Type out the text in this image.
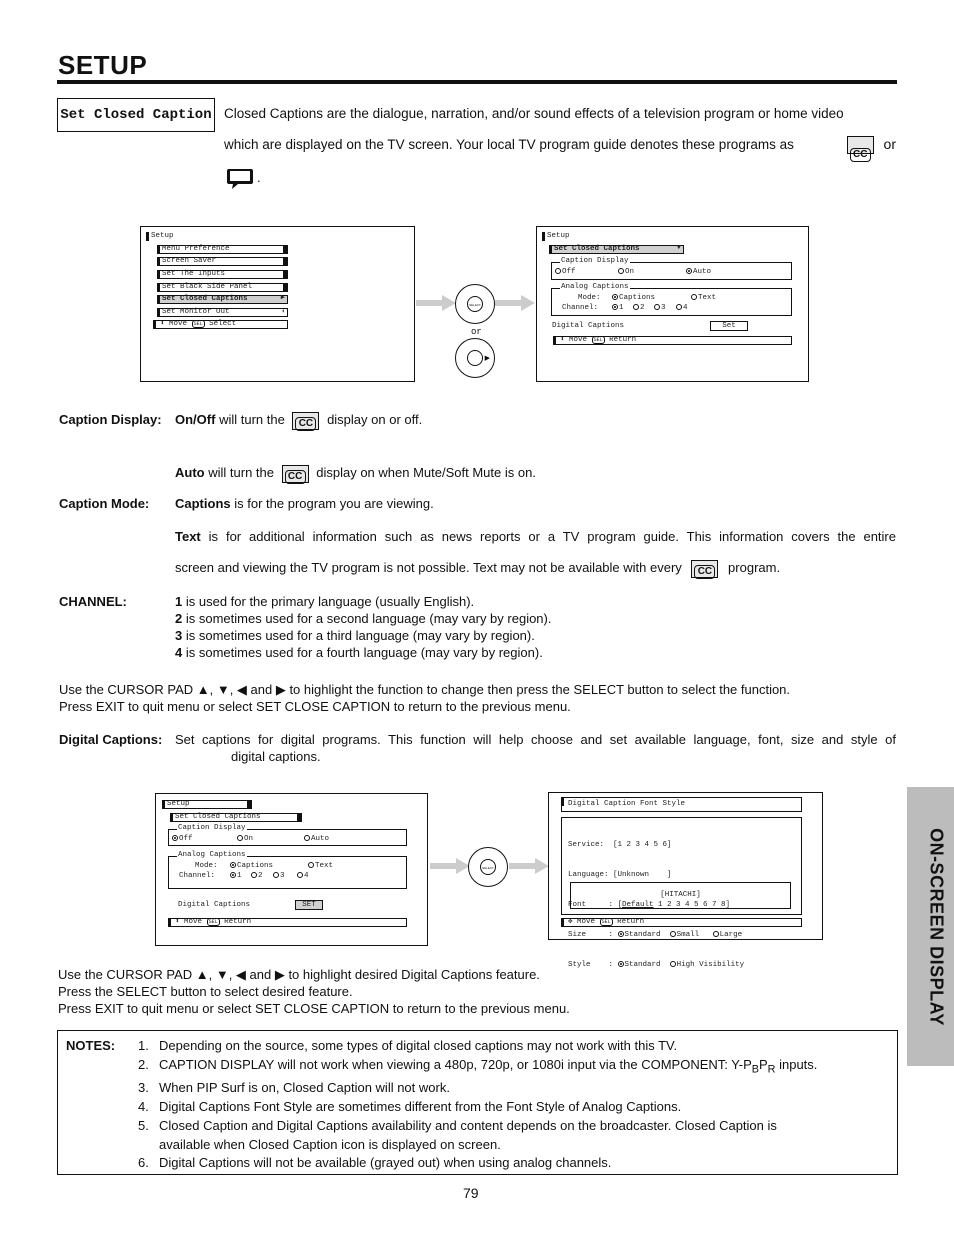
SETUP
Set Closed Caption Closed Captions are the dialogue, narration, and/or sound effects of a television program or home video
which are displayed on the TV screen. Your local TV program guide denotes these programs as
CC or
.
Setup
Menu Preference
Screen Saver
Set The Inputs
Set Black Side Panel
Set Closed Captions	▶
Set Monitor Out	⬍
⬍ Move SEL Select
SELECT
or
▶
Setup
Set Closed Captions	▼
Caption Display
Off	On	Auto
Analog Captions
Mode:	Captions	Text
Channel:	1	2	3	4
Digital Captions	Set
⬍ Move SEL Return
Caption Display: On/Off will turn the CC display on or off.
Auto will turn the CC display on when Mute/Soft Mute is on.
Caption Mode: Captions is for the program you are viewing.
Text is for additional information such as news reports or a TV program guide. This information covers the entire
screen and viewing the TV program is not possible. Text may not be available with every CC program.
CHANNEL:	1 is used for the primary language (usually English).
2 is sometimes used for a second language (may vary by region).
3 is sometimes used for a third language (may vary by region).
4 is sometimes used for a fourth language (may vary by region).
Use the CURSOR PAD ▲, ▼, ◀ and ▶ to highlight the function to change then press the SELECT button to select the function.
Press EXIT to quit menu or select SET CLOSE CAPTION to return to the previous menu.
Digital Captions: Set captions for digital programs. This function will help choose and set available language, font, size and style of
digital captions.
Setup
Set Closed Captions
Caption Display
Off	On	Auto
Analog Captions
Mode:	Captions	Text
Channel:	1	2	3	4
Digital Captions	SET
⬍ Move SEL Return
SELECT
Digital Caption Font Style

Service:  [1 2 3 4 5 6]

Language: [Unknown    ]

Font     : [Default 1 2 3 4 5 6 7 8]

Size     : Standard Small	Large

Style    : Standard High Visibility

[HITACHI]
✥ Move SEL Return
Use the CURSOR PAD ▲, ▼, ◀ and ▶ to highlight desired Digital Captions feature.
Press the SELECT button to select desired feature.
Press EXIT to quit menu or select SET CLOSE CAPTION to return to the previous menu.	ON-SCREEN DISPLAY
NOTES: 1. Depending on the source, some types of digital closed captions may not work with this TV.
2. CAPTION DISPLAY will not work when viewing a 480p, 720p, or 1080i input via the COMPONENT: $Y-P_BP_R$ inputs.
3. When PIP Surf is on, Closed Caption will not work.
4. Digital Captions Font Style are sometimes different from the Font Style of Analog Captions.
5. Closed Caption and Digital Captions availability and content depends on the broadcaster. Closed Caption is
available when Closed Caption icon is displayed on screen.
6. Digital Captions will not be available (grayed out) when using analog channels.
79
